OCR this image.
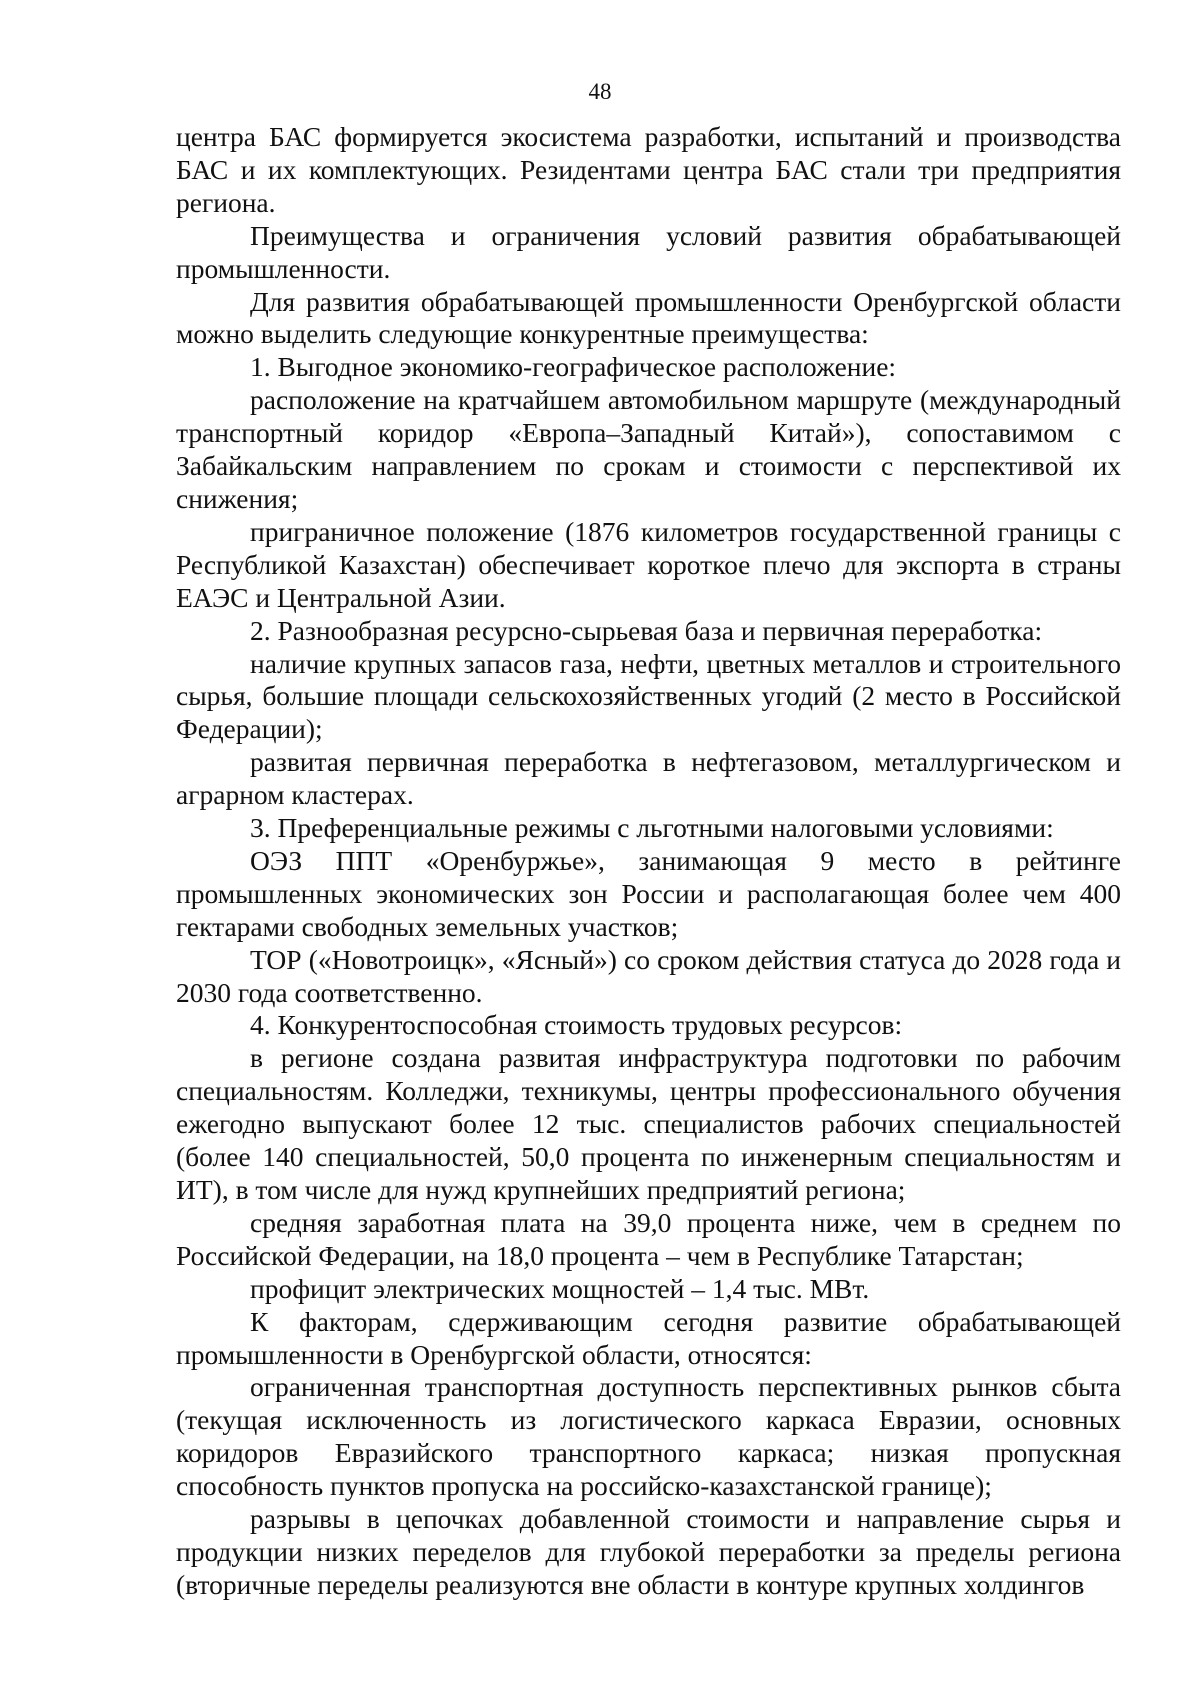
48

центра БАС формируется экосистема разработки, испытаний и производства БАС и их комплектующих. Резидентами центра БАС стали три предприятия региона.

Преимущества и ограничения условий развития обрабатывающей промышленности.

Для развития обрабатывающей промышленности Оренбургской области можно выделить следующие конкурентные преимущества:

1. Выгодное экономико-географическое расположение:

расположение на кратчайшем автомобильном маршруте (международный транспортный коридор «Европа–Западный Китай»), сопоставимом с Забайкальским направлением по срокам и стоимости с перспективой их снижения;

приграничное положение (1876 километров государственной границы с Республикой Казахстан) обеспечивает короткое плечо для экспорта в страны ЕАЭС и Центральной Азии.

2. Разнообразная ресурсно-сырьевая база и первичная переработка:

наличие крупных запасов газа, нефти, цветных металлов и строительного сырья, большие площади сельскохозяйственных угодий (2 место в Российской Федерации);

развитая первичная переработка в нефтегазовом, металлургическом и аграрном кластерах.

3. Преференциальные режимы с льготными налоговыми условиями:

ОЭЗ ППТ «Оренбуржье», занимающая 9 место в рейтинге промышленных экономических зон России и располагающая более чем 400 гектарами свободных земельных участков;

ТОР («Новотроицк», «Ясный») со сроком действия статуса до 2028 года и 2030 года соответственно.

4. Конкурентоспособная стоимость трудовых ресурсов:

в регионе создана развитая инфраструктура подготовки по рабочим специальностям. Колледжи, техникумы, центры профессионального обучения ежегодно выпускают более 12 тыс. специалистов рабочих специальностей (более 140 специальностей, 50,0 процента по инженерным специальностям и ИТ), в том числе для нужд крупнейших предприятий региона;

средняя заработная плата на 39,0 процента ниже, чем в среднем по Российской Федерации, на 18,0 процента – чем в Республике Татарстан;

профицит электрических мощностей – 1,4 тыс. МВт.

К факторам, сдерживающим сегодня развитие обрабатывающей промышленности в Оренбургской области, относятся:

ограниченная транспортная доступность перспективных рынков сбыта (текущая исключенность из логистического каркаса Евразии, основных коридоров Евразийского транспортного каркаса; низкая пропускная способность пунктов пропуска на российско-казахстанской границе);

разрывы в цепочках добавленной стоимости и направление сырья и продукции низких переделов для глубокой переработки за пределы региона (вторичные переделы реализуются вне области в контуре крупных холдингов
